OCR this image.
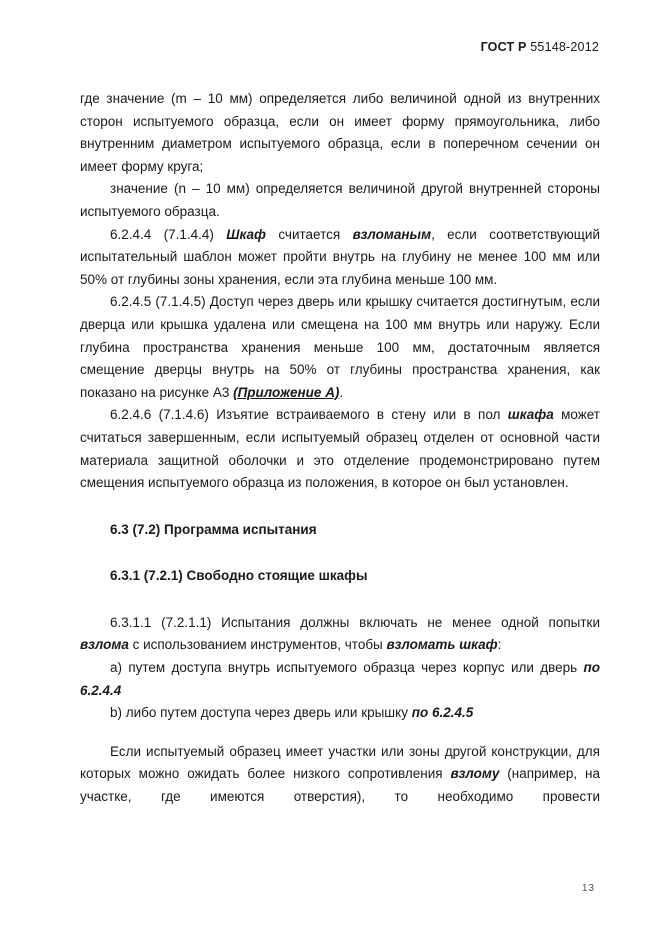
ГОСТ Р 55148-2012

где значение (m – 10 мм) определяется либо величиной одной из внутренних сторон испытуемого образца, если он имеет форму прямоугольника, либо внутренним диаметром испытуемого образца, если в поперечном сечении он имеет форму круга;

значение (n – 10 мм) определяется величиной другой внутренней стороны испытуемого образца.

6.2.4.4 (7.1.4.4) Шкаф считается взломаным, если соответствующий испытательный шаблон может пройти внутрь на глубину не менее 100 мм или 50% от глубины зоны хранения, если эта глубина меньше 100 мм.

6.2.4.5 (7.1.4.5) Доступ через дверь или крышку считается достигнутым, если дверца или крышка удалена или смещена на 100 мм внутрь или наружу. Если глубина пространства хранения меньше 100 мм, достаточным является смещение дверцы внутрь на 50% от глубины пространства хранения, как показано на рисунке А3 (Приложение А).

6.2.4.6 (7.1.4.6) Изъятие встраиваемого в стену или в пол шкафа может считаться завершенным, если испытуемый образец отделен от основной части материала защитной оболочки и это отделение продемонстрировано путем смещения испытуемого образца из положения, в которое он был установлен.

6.3 (7.2) Программа испытания

6.3.1 (7.2.1) Свободно стоящие шкафы

6.3.1.1 (7.2.1.1) Испытания должны включать не менее одной попытки взлома с использованием инструментов, чтобы взломать шкаф:

a) путем доступа внутрь испытуемого образца через корпус или дверь по 6.2.4.4

b) либо путем доступа через дверь или крышку по 6.2.4.5

Если испытуемый образец имеет участки или зоны другой конструкции, для которых можно ожидать более низкого сопротивления взлому (например, на участке, где имеются отверстия), то необходимо провести

13
